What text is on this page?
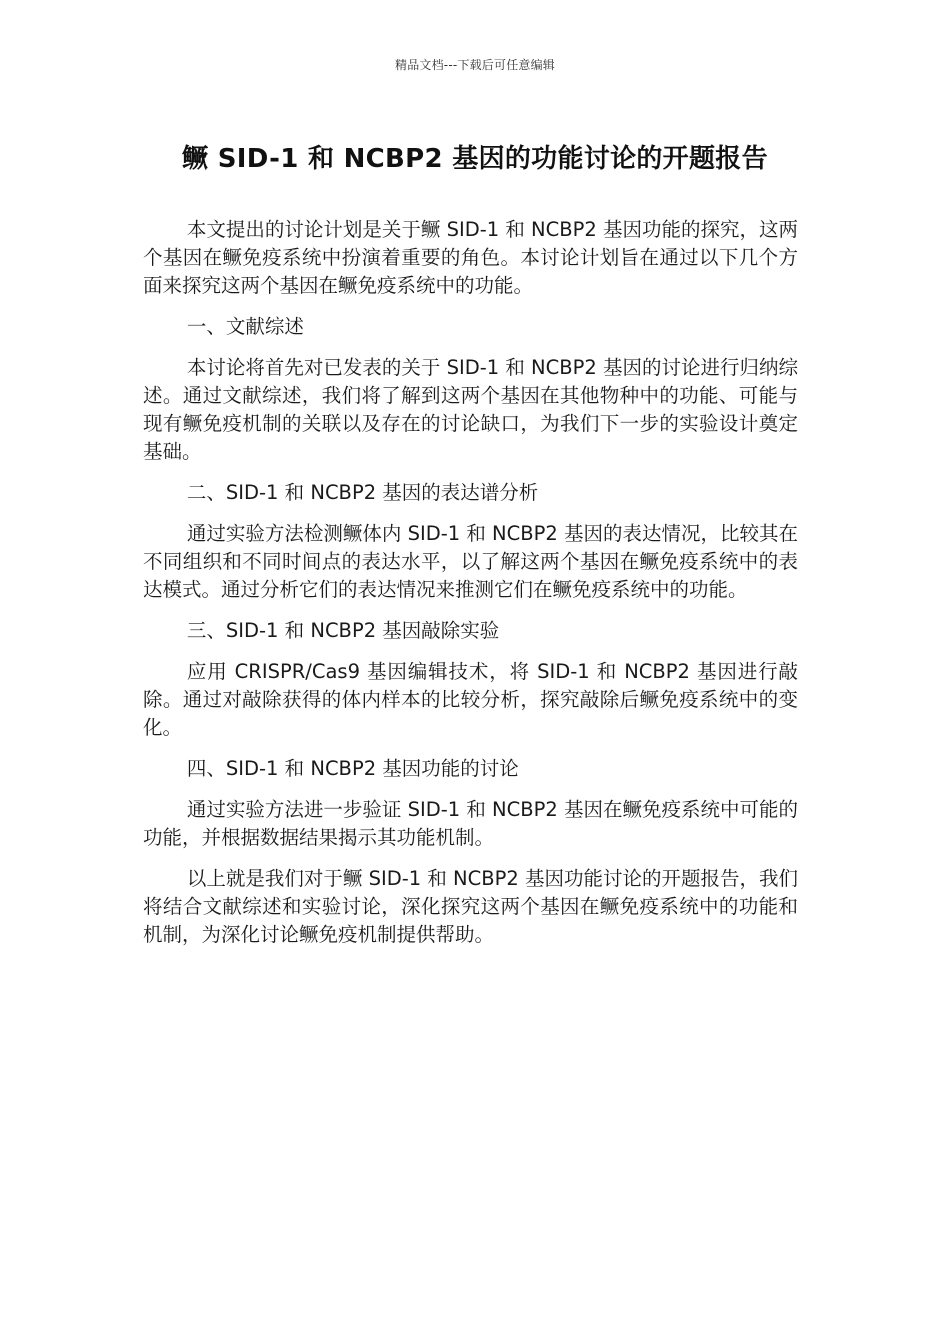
精品文档---下载后可任意编辑
鳜 SID-1 和 NCBP2 基因的功能讨论的开题报告

本文提出的讨论计划是关于鳜 SID-1 和 NCBP2 基因功能的探究，这两个基因在鳜免疫系统中扮演着重要的角色。本讨论计划旨在通过以下几个方面来探究这两个基因在鳜免疫系统中的功能。

一、文献综述

本讨论将首先对已发表的关于 SID-1 和 NCBP2 基因的讨论进行归纳综述。通过文献综述，我们将了解到这两个基因在其他物种中的功能、可能与现有鳜免疫机制的关联以及存在的讨论缺口，为我们下一步的实验设计奠定基础。

二、SID-1 和 NCBP2 基因的表达谱分析

通过实验方法检测鳜体内 SID-1 和 NCBP2 基因的表达情况，比较其在不同组织和不同时间点的表达水平，以了解这两个基因在鳜免疫系统中的表达模式。通过分析它们的表达情况来推测它们在鳜免疫系统中的功能。

三、SID-1 和 NCBP2 基因敲除实验

应用 CRISPR/Cas9 基因编辑技术，将 SID-1 和 NCBP2 基因进行敲除。通过对敲除获得的体内样本的比较分析，探究敲除后鳜免疫系统中的变化。

四、SID-1 和 NCBP2 基因功能的讨论

通过实验方法进一步验证 SID-1 和 NCBP2 基因在鳜免疫系统中可能的功能，并根据数据结果揭示其功能机制。

以上就是我们对于鳜 SID-1 和 NCBP2 基因功能讨论的开题报告，我们将结合文献综述和实验讨论，深化探究这两个基因在鳜免疫系统中的功能和机制，为深化讨论鳜免疫机制提供帮助。
